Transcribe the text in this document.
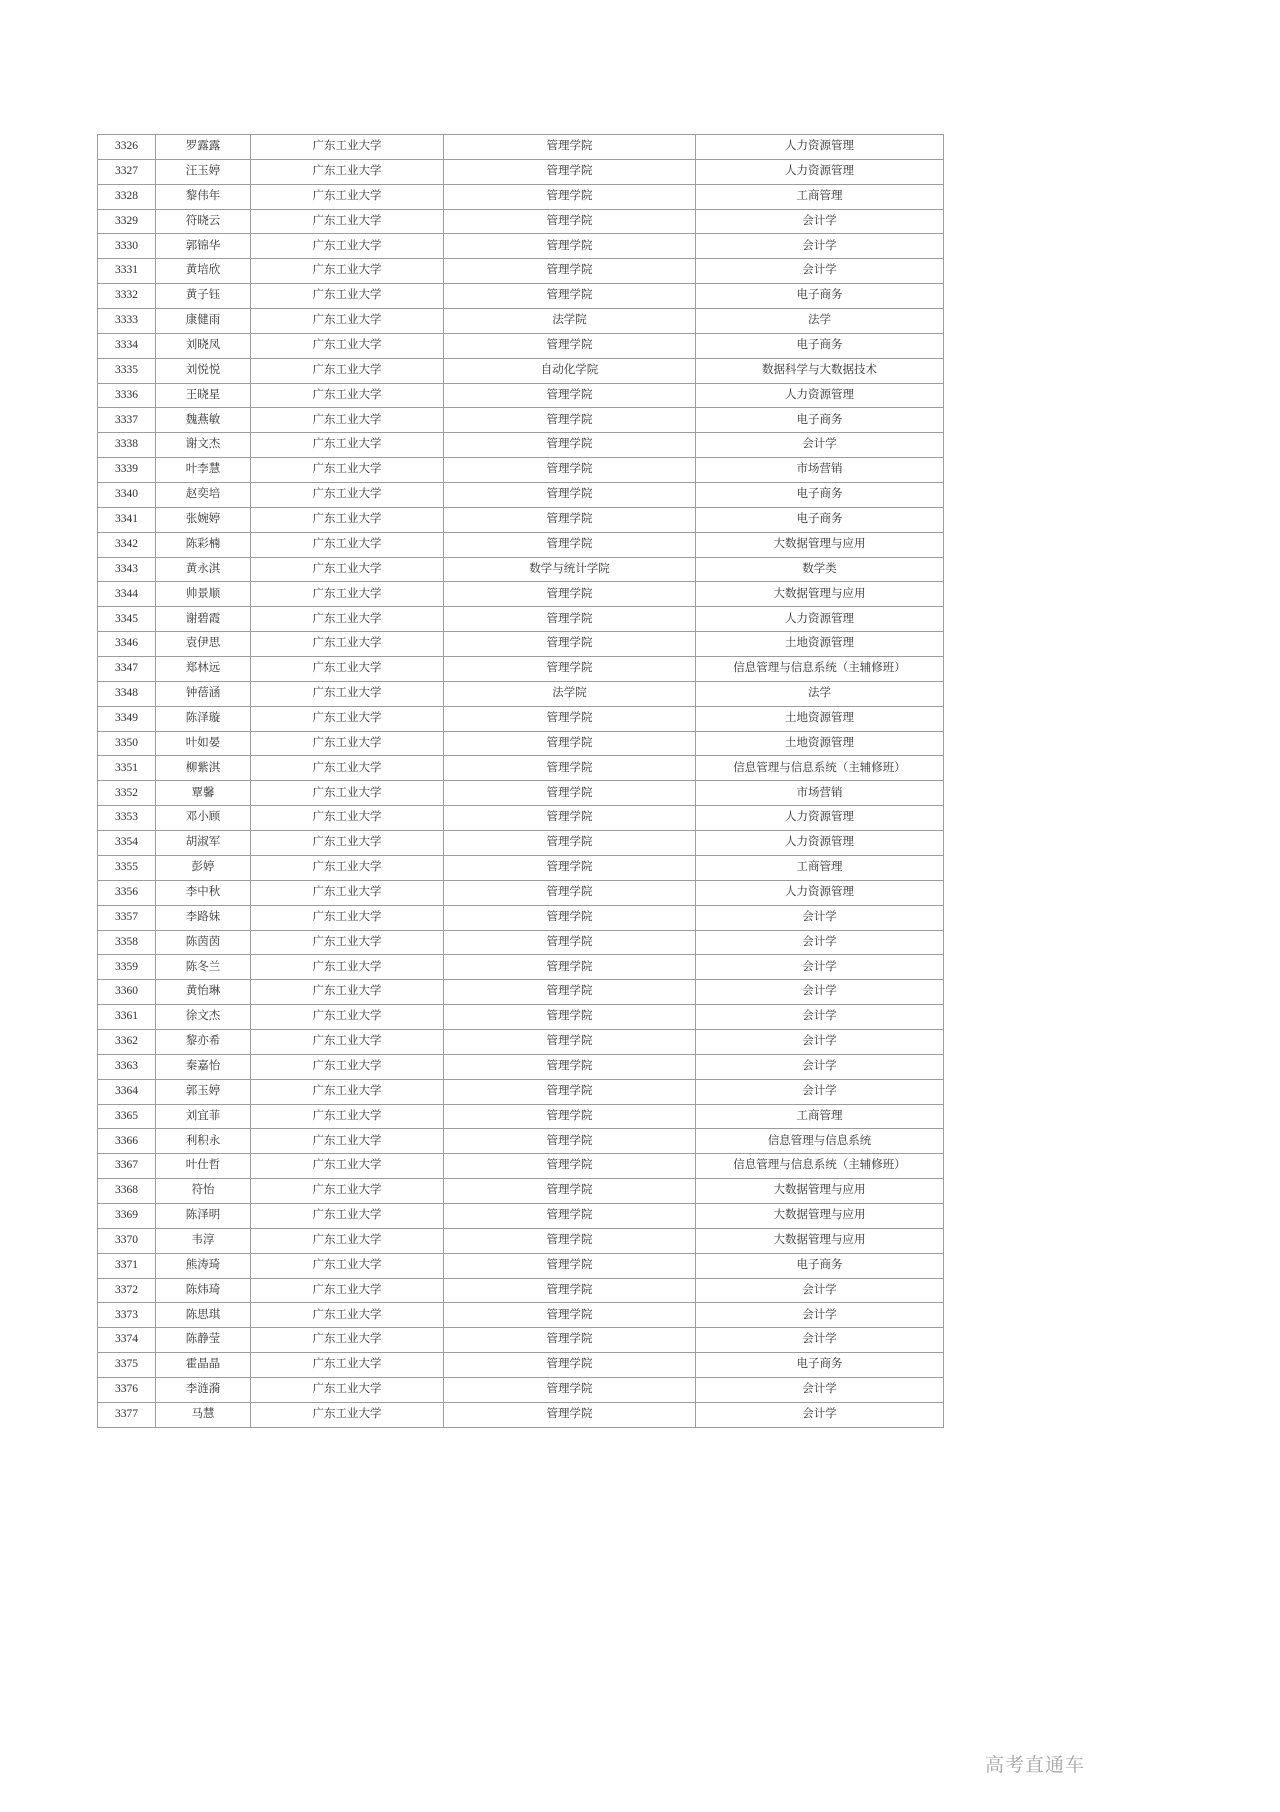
3326	罗露露	广东工业大学	管理学院	人力资源管理
3327	汪玉婷	广东工业大学	管理学院	人力资源管理
3328	黎伟年	广东工业大学	管理学院	工商管理
3329	符晓云	广东工业大学	管理学院	会计学
3330	郭锦华	广东工业大学	管理学院	会计学
3331	黄培欣	广东工业大学	管理学院	会计学
3332	黄子钰	广东工业大学	管理学院	电子商务
3333	康健雨	广东工业大学	法学院	法学
3334	刘晓凤	广东工业大学	管理学院	电子商务
3335	刘悦悦	广东工业大学	自动化学院	数据科学与大数据技术
3336	王晓星	广东工业大学	管理学院	人力资源管理
3337	魏燕敏	广东工业大学	管理学院	电子商务
3338	谢文杰	广东工业大学	管理学院	会计学
3339	叶李慧	广东工业大学	管理学院	市场营销
3340	赵奕培	广东工业大学	管理学院	电子商务
3341	张婉婷	广东工业大学	管理学院	电子商务
3342	陈彩楠	广东工业大学	管理学院	大数据管理与应用
3343	黄永淇	广东工业大学	数学与统计学院	数学类
3344	帅景顺	广东工业大学	管理学院	大数据管理与应用
3345	谢碧霞	广东工业大学	管理学院	人力资源管理
3346	袁伊思	广东工业大学	管理学院	土地资源管理
3347	郑林远	广东工业大学	管理学院	信息管理与信息系统（主辅修班）
3348	钟蓓涵	广东工业大学	法学院	法学
3349	陈泽璇	广东工业大学	管理学院	土地资源管理
3350	叶如晏	广东工业大学	管理学院	土地资源管理
3351	柳紫淇	广东工业大学	管理学院	信息管理与信息系统（主辅修班）
3352	覃馨	广东工业大学	管理学院	市场营销
3353	邓小顾	广东工业大学	管理学院	人力资源管理
3354	胡淑军	广东工业大学	管理学院	人力资源管理
3355	彭婷	广东工业大学	管理学院	工商管理
3356	李中秋	广东工业大学	管理学院	人力资源管理
3357	李路妹	广东工业大学	管理学院	会计学
3358	陈茵茵	广东工业大学	管理学院	会计学
3359	陈冬兰	广东工业大学	管理学院	会计学
3360	黄怡琳	广东工业大学	管理学院	会计学
3361	徐文杰	广东工业大学	管理学院	会计学
3362	黎亦希	广东工业大学	管理学院	会计学
3363	秦嘉怡	广东工业大学	管理学院	会计学
3364	郭玉婷	广东工业大学	管理学院	会计学
3365	刘宜菲	广东工业大学	管理学院	工商管理
3366	利积永	广东工业大学	管理学院	信息管理与信息系统
3367	叶仕哲	广东工业大学	管理学院	信息管理与信息系统（主辅修班）
3368	符怡	广东工业大学	管理学院	大数据管理与应用
3369	陈泽明	广东工业大学	管理学院	大数据管理与应用
3370	韦淳	广东工业大学	管理学院	大数据管理与应用
3371	熊涛琦	广东工业大学	管理学院	电子商务
3372	陈炜琦	广东工业大学	管理学院	会计学
3373	陈思琪	广东工业大学	管理学院	会计学
3374	陈静莹	广东工业大学	管理学院	会计学
3375	霍晶晶	广东工业大学	管理学院	电子商务
3376	李涟漪	广东工业大学	管理学院	会计学
3377	马慧	广东工业大学	管理学院	会计学
高考直通车
